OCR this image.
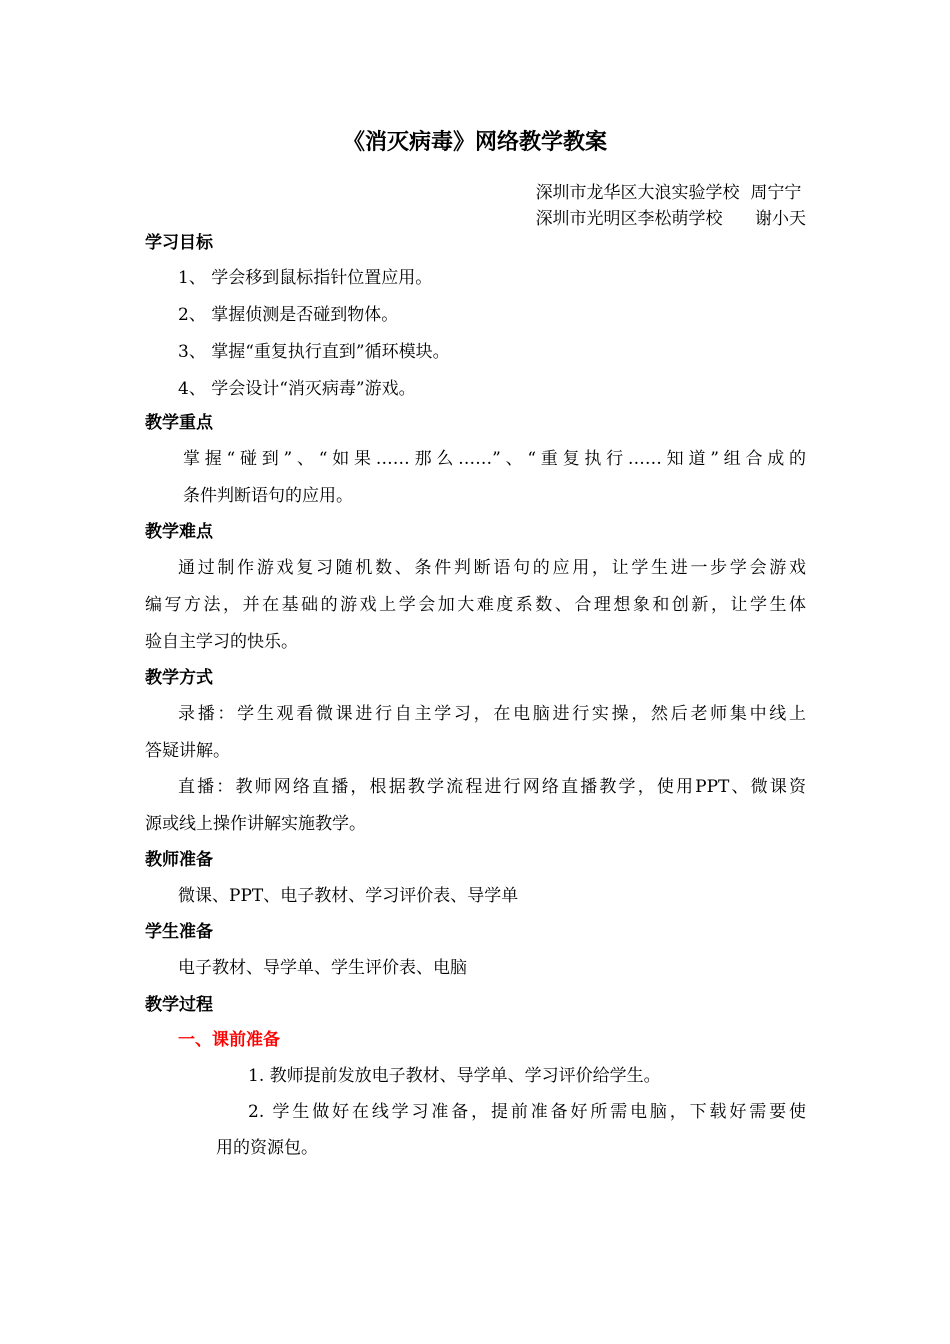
《消灭病毒》网络教学教案
深圳市龙华区大浪实验学校  周宁宁
深圳市光明区李松萌学校      谢小天
学习目标
1、 学会移到鼠标指针位置应用。
2、 掌握侦测是否碰到物体。
3、 掌握“重复执行直到”循环模块。
4、 学会设计“消灭病毒”游戏。
教学重点
掌握“碰到”、“如果……那么……”、“重复执行……知道”组合成的
条件判断语句的应用。
教学难点
通过制作游戏复习随机数、条件判断语句的应用，让学生进一步学会游戏
编写方法，并在基础的游戏上学会加大难度系数、合理想象和创新，让学生体
验自主学习的快乐。
教学方式
录播：学生观看微课进行自主学习，在电脑进行实操，然后老师集中线上
答疑讲解。
直播：教师网络直播，根据教学流程进行网络直播教学，使用PPT、微课资
源或线上操作讲解实施教学。
教师准备
微课、PPT、电子教材、学习评价表、导学单
学生准备
电子教材、导学单、学生评价表、电脑
教学过程
一、课前准备
1. 教师提前发放电子教材、导学单、学习评价给学生。
2. 学生做好在线学习准备，提前准备好所需电脑，下载好需要使
用的资源包。
